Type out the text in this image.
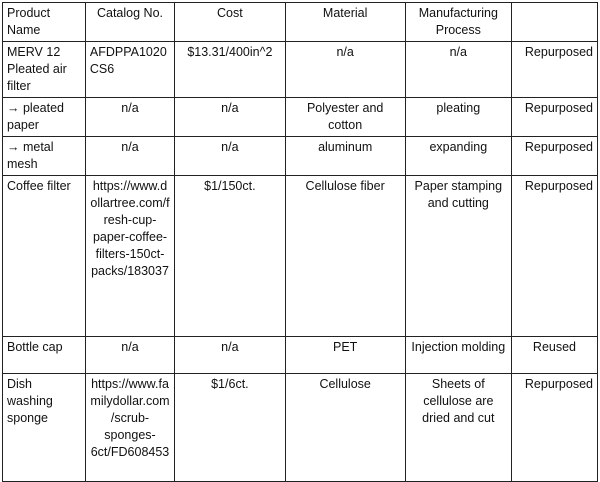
Product Name	Catalog No.	Cost	Material	Manufacturing Process	
MERV 12 Pleated air filter	AFDPPA1020CS6	$13.31/400in^2	n/a	n/a	Repurposed
→ pleated paper	n/a	n/a	Polyester and cotton	pleating	Repurposed
→ metal mesh	n/a	n/a	aluminum	expanding	Repurposed
Coffee filter	https://www.dollartree.com/fresh-cup-paper-coffee-filters-150ct-packs/183037	$1/150ct.	Cellulose fiber	Paper stamping and cutting	Repurposed
Bottle cap	n/a	n/a	PET	Injection molding	Reused
Dish washing sponge	https://www.familydollar.com/scrub-sponges-6ct/FD608453	$1/6ct.	Cellulose	Sheets of cellulose are dried and cut	Repurposed
